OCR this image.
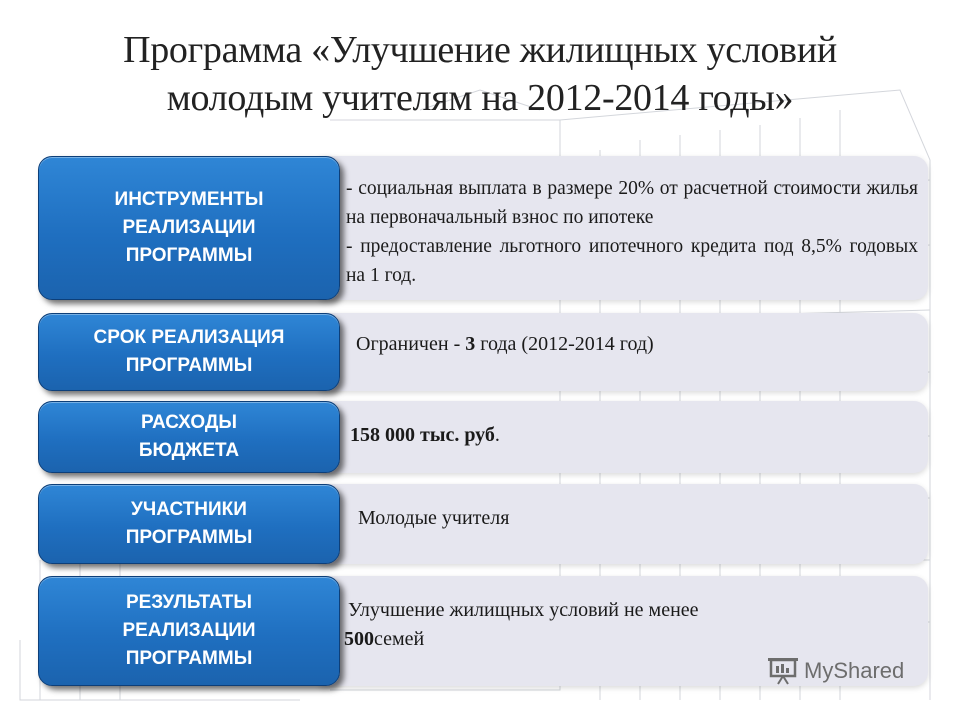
Программа «Улучшение жилищных условий
молодым учителям на 2012-2014 годы»
ИНСТРУМЕНТЫ
РЕАЛИЗАЦИИ
ПРОГРАММЫ
- социальная выплата в размере 20% от расчетной стоимости жилья на первоначальный взнос по ипотеке
- предоставление льготного ипотечного кредита под 8,5% годовых на 1 год.
СРОК РЕАЛИЗАЦИЯ
ПРОГРАММЫ
Ограничен - 3 года (2012-2014 год)
РАСХОДЫ
БЮДЖЕТА
158 000 тыс. руб.
УЧАСТНИКИ
ПРОГРАММЫ
Молодые учителя
РЕЗУЛЬТАТЫ
РЕАЛИЗАЦИИ
ПРОГРАММЫ
Улучшение жилищных условий не менее
500семей
MyShared
